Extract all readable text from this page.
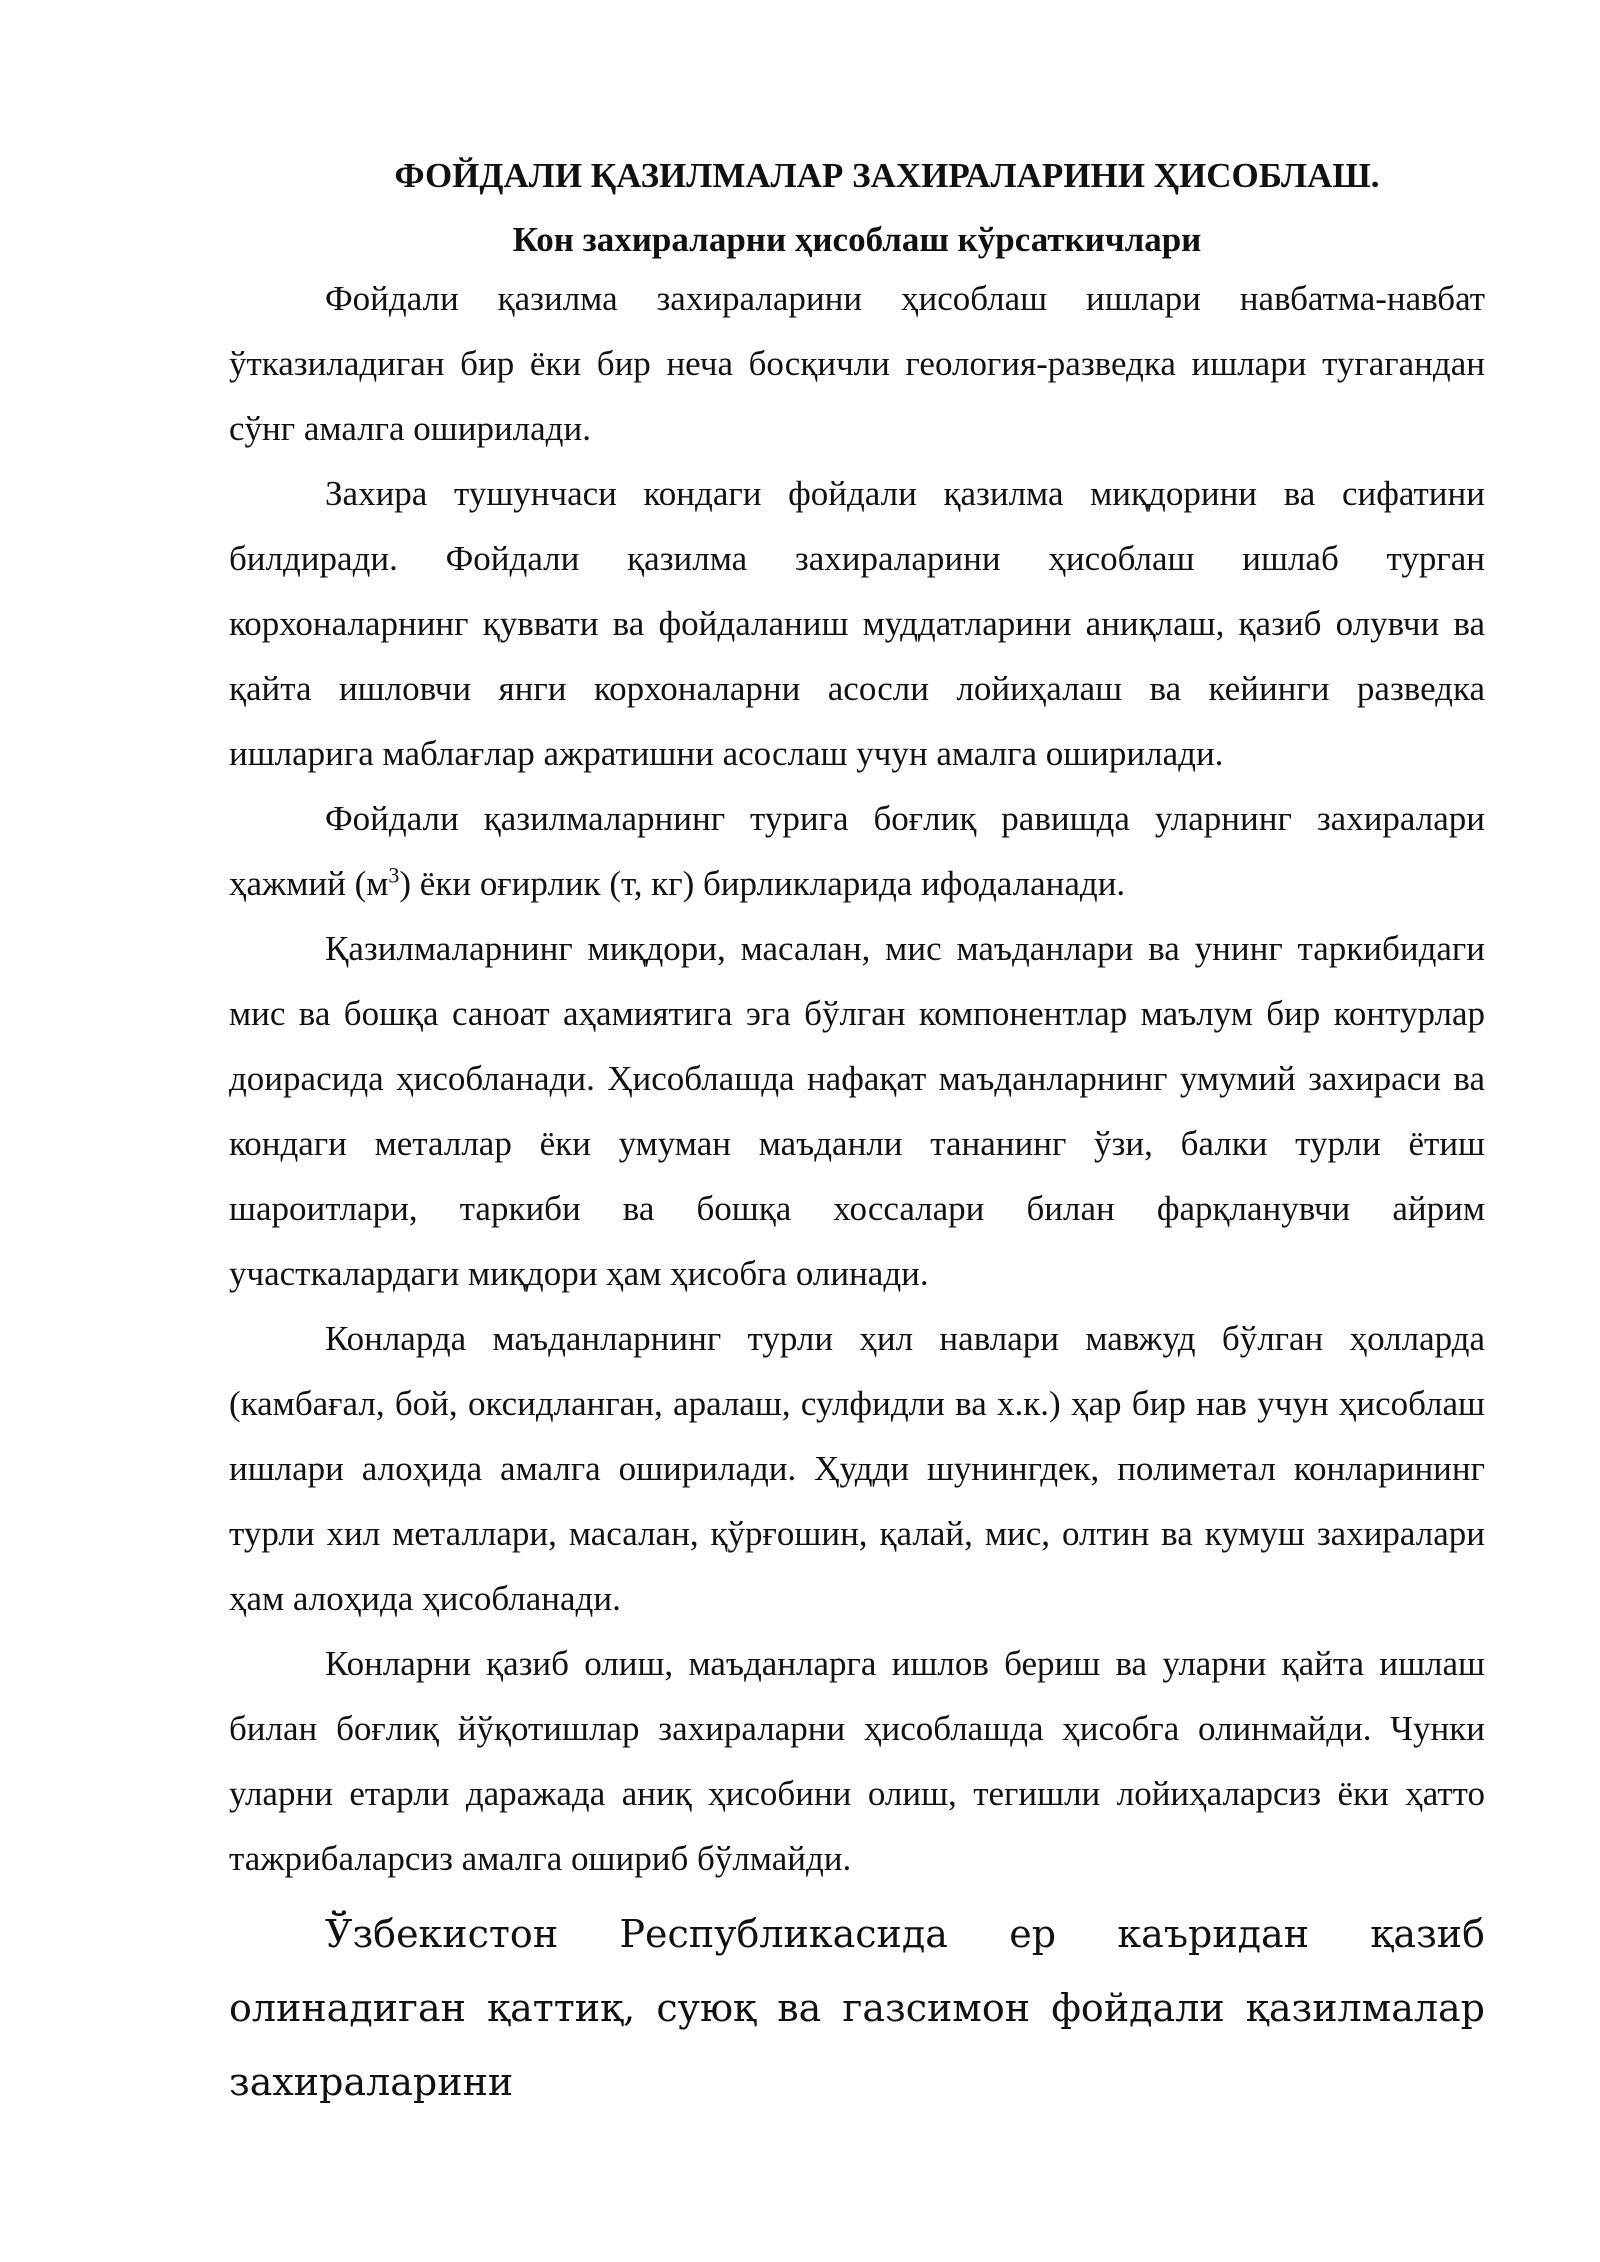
ФОЙДАЛИ ҚАЗИЛМАЛАР ЗАХИРАЛАРИНИ ҲИСОБЛАШ.
Кон захираларни ҳисоблаш кўрсаткичлари

Фойдали қазилма захираларини ҳисоблаш ишлари навбатма-навбат ўтказиладиган бир ёки бир неча босқичли геология-разведка ишлари тугагандан сўнг амалга оширилади.

Захира тушунчаси кондаги фойдали қазилма миқдорини ва сифатини билдиради. Фойдали қазилма захираларини ҳисоблаш ишлаб турган корхоналарнинг қуввати ва фойдаланиш муддатларини аниқлаш, қазиб олувчи ва қайта ишловчи янги корхоналарни асосли лойиҳалаш ва кейинги разведка ишларига маблағлар ажратишни асослаш учун амалга оширилади.

Фойдали қазилмаларнинг турига боғлиқ равишда уларнинг захиралари ҳажмий $(м^3)$ ёки оғирлик (т, кг) бирликларида ифодаланади.

Қазилмаларнинг миқдори, масалан, мис маъданлари ва унинг таркибидаги мис ва бошқа саноат аҳамиятига эга бўлган компонентлар маълум бир контурлар доирасида ҳисобланади. Ҳисоблашда нафақат маъданларнинг умумий захираси ва кондаги металлар ёки умуман маъданли тананинг ўзи, балки турли ётиш шароитлари, таркиби ва бошқа хоссалари билан фарқланувчи айрим участкалардаги миқдори ҳам ҳисобга олинади.

Конларда маъданларнинг турли ҳил навлари мавжуд бўлган ҳолларда (камбағал, бой, оксидланган, аралаш, сулфидли ва х.к.) ҳар бир нав учун ҳисоблаш ишлари алоҳида амалга оширилади. Ҳудди шунингдек, полиметал конларининг турли хил металлари, масалан, қўрғошин, қалай, мис, олтин ва кумуш захиралари ҳам алоҳида ҳисобланади.

Конларни қазиб олиш, маъданларга ишлов бериш ва уларни қайта ишлаш билан боғлиқ йўқотишлар захираларни ҳисоблашда ҳисобга олинмайди. Чунки уларни етарли даражада аниқ ҳисобини олиш, тегишли лойиҳаларсиз ёки ҳатто тажрибаларсиз амалга ошириб бўлмайди.

Ўзбекистон Республикасида ер каъридан қазиб олинадиган қаттиқ, суюқ ва газсимон фойдали қазилмалар захираларини
